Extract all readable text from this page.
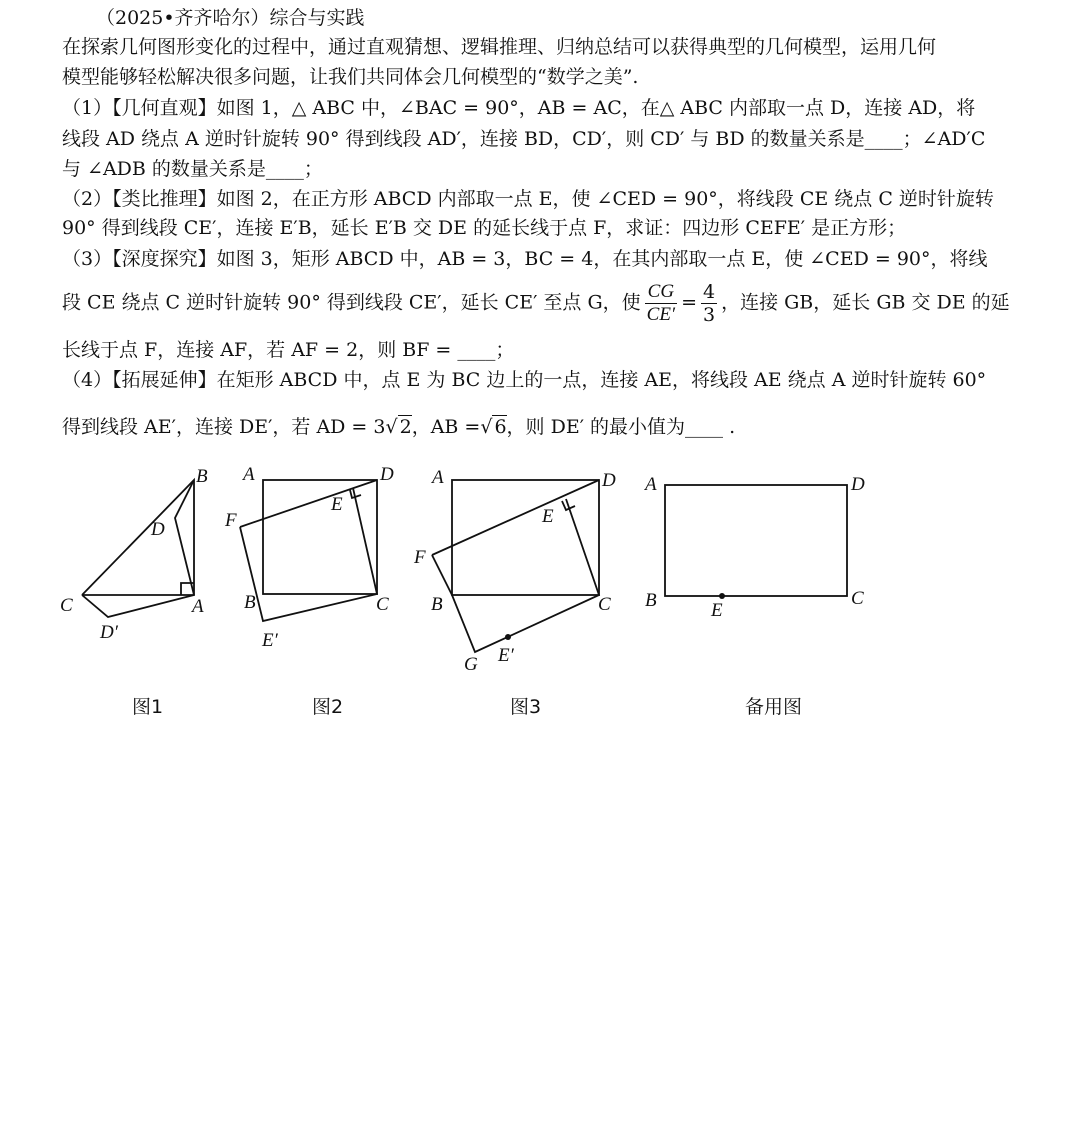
（2025•齐齐哈尔）综合与实践
在探索几何图形变化的过程中，通过直观猜想、逻辑推理、归纳总结可以获得典型的几何模型，运用几何
模型能够轻松解决很多问题，让我们共同体会几何模型的“数学之美”.
（1）【几何直观】如图 1，△ ABC 中，∠BAC = 90°，AB = AC，在△ ABC 内部取一点 D，连接 AD，将
线段 AD 绕点 A 逆时针旋转 90° 得到线段 AD′，连接 BD，CD′，则 CD′ 与 BD 的数量关系是____；∠AD′C
与 ∠ADB 的数量关系是____；
（2）【类比推理】如图 2，在正方形 ABCD 内部取一点 E，使 ∠CED = 90°，将线段 CE 绕点 C 逆时针旋转
90° 得到线段 CE′，连接 E′B，延长 E′B 交 DE 的延长线于点 F，求证：四边形 CEFE′ 是正方形；
（3）【深度探究】如图 3，矩形 ABCD 中，AB = 3，BC = 4，在其内部取一点 E，使 ∠CED = 90°，将线
段 CE 绕点 C 逆时针旋转 90° 得到线段 CE′，延长 CE′ 至点 G，使 $\frac{CG}{CE'} = \frac{4}{3}$ ，连接 GB，延长 GB 交 DE 的延
长线于点 F，连接 AF，若 AF = 2，则 BF = ____；
（4）【拓展延伸】在矩形 ABCD 中，点 E 为 BC 边上的一点，连接 AE，将线段 AE 绕点 A 逆时针旋转 60°
得到线段 AE′，连接 DE′，若 AD = 3√ 2，AB =√ 6，则 DE′ 的最小值为____ .
B
D
C	A
D′
图1
A	D
E
F
B	C
E′
图2
A	D
E
F
B	C
G E′
图3
A	D
B	C
E
备用图
